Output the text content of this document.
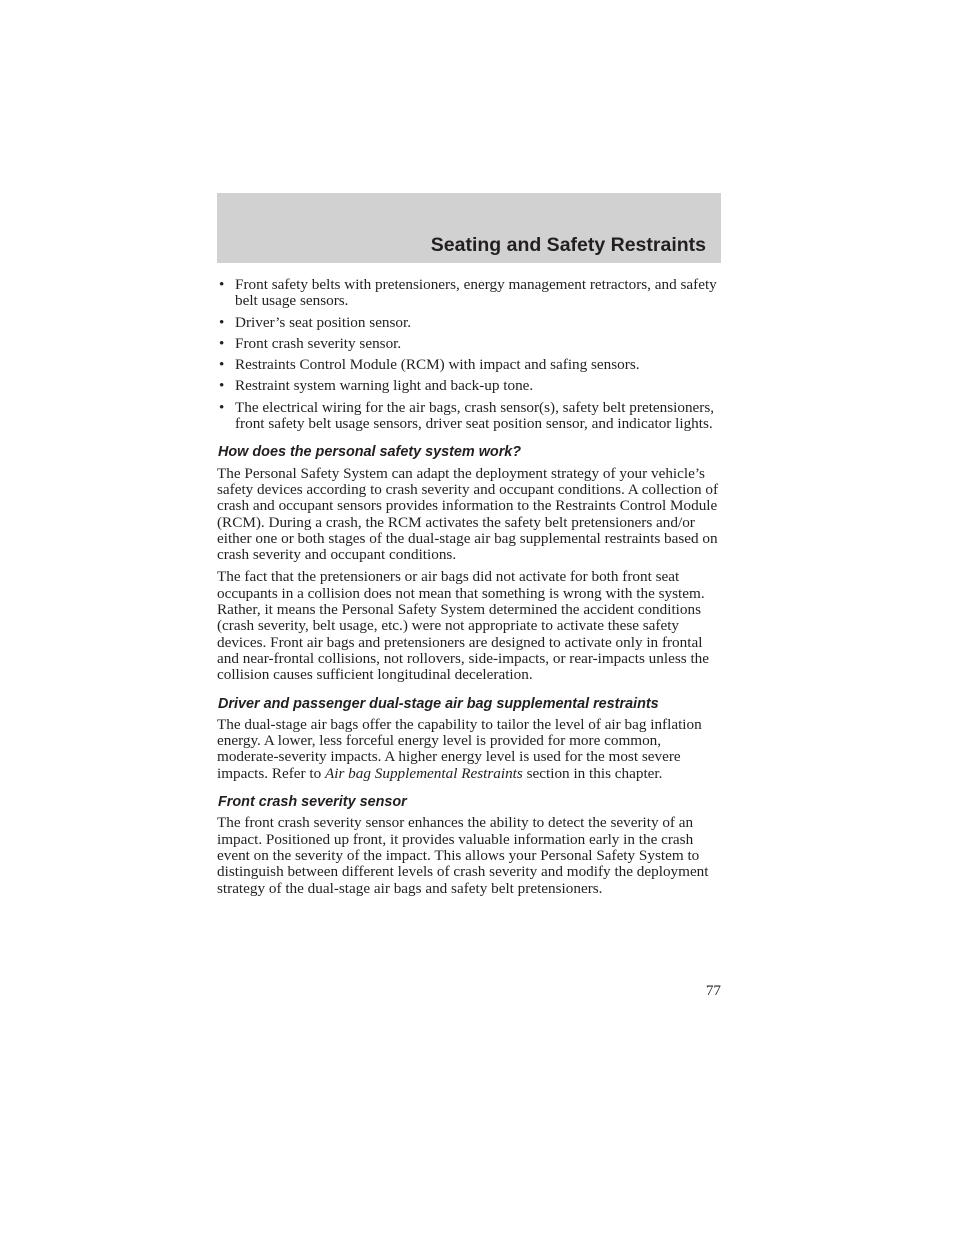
Seating and Safety Restraints
• Front safety belts with pretensioners, energy management retractors, and safety belt usage sensors.
• Driver’s seat position sensor.
• Front crash severity sensor.
• Restraints Control Module (RCM) with impact and safing sensors.
• Restraint system warning light and back-up tone.
• The electrical wiring for the air bags, crash sensor(s), safety belt pretensioners, front safety belt usage sensors, driver seat position sensor, and indicator lights.
How does the personal safety system work?

The Personal Safety System can adapt the deployment strategy of your vehicle’s safety devices according to crash severity and occupant conditions. A collection of crash and occupant sensors provides information to the Restraints Control Module (RCM). During a crash, the RCM activates the safety belt pretensioners and/or either one or both stages of the dual-stage air bag supplemental restraints based on crash severity and occupant conditions.

The fact that the pretensioners or air bags did not activate for both front seat occupants in a collision does not mean that something is wrong with the system. Rather, it means the Personal Safety System determined the accident conditions (crash severity, belt usage, etc.) were not appropriate to activate these safety devices. Front air bags and pretensioners are designed to activate only in frontal and near-frontal collisions, not rollovers, side-impacts, or rear-impacts unless the collision causes sufficient longitudinal deceleration.

Driver and passenger dual-stage air bag supplemental restraints

The dual-stage air bags offer the capability to tailor the level of air bag inflation energy. A lower, less forceful energy level is provided for more common, moderate-severity impacts. A higher energy level is used for the most severe impacts. Refer to Air bag Supplemental Restraints section in this chapter.

Front crash severity sensor

The front crash severity sensor enhances the ability to detect the severity of an impact. Positioned up front, it provides valuable information early in the crash event on the severity of the impact. This allows your Personal Safety System to distinguish between different levels of crash severity and modify the deployment strategy of the dual-stage air bags and safety belt pretensioners.

77
